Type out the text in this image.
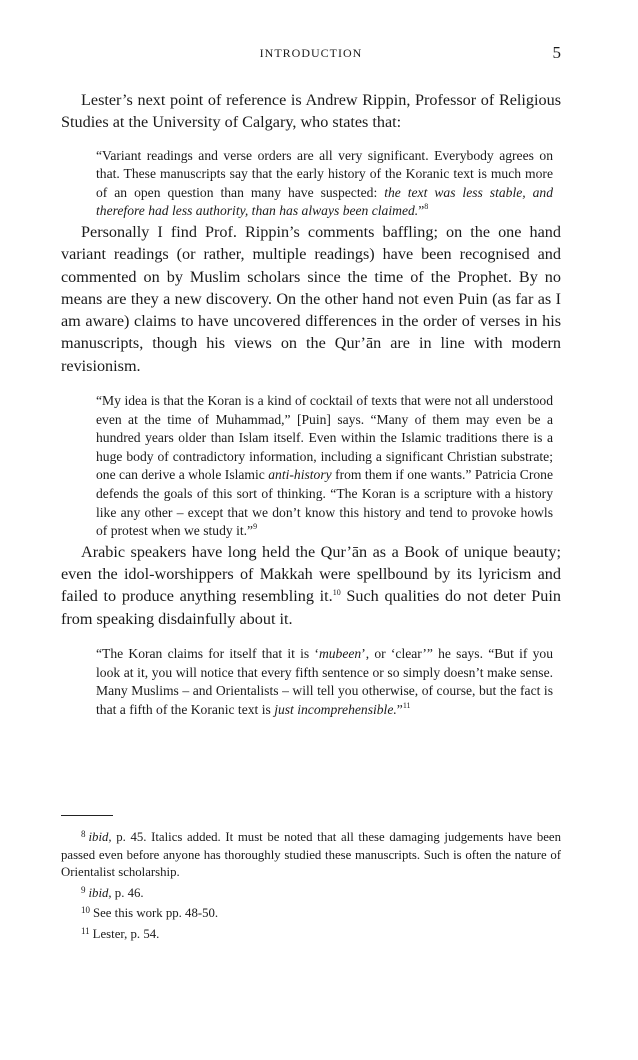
INTRODUCTION	5

Lester’s next point of reference is Andrew Rippin, Professor of Religious Studies at the University of Calgary, who states that:

“Variant readings and verse orders are all very significant. Everybody agrees on that. These manuscripts say that the early history of the Koranic text is much more of an open question than many have suspected: the text was less stable, and therefore had less authority, than has always been claimed.”$^8$

Personally I find Prof. Rippin’s comments baffling; on the one hand variant readings (or rather, multiple readings) have been recognised and commented on by Muslim scholars since the time of the Prophet. By no means are they a new discovery. On the other hand not even Puin (as far as I am aware) claims to have uncovered differences in the order of verses in his manuscripts, though his views on the Qur’ān are in line with modern revisionism.

“My idea is that the Koran is a kind of cocktail of texts that were not all understood even at the time of Muhammad,” [Puin] says. “Many of them may even be a hundred years older than Islam itself. Even within the Islamic traditions there is a huge body of contradictory information, including a significant Christian substrate; one can derive a whole Islamic anti-history from them if one wants.” Patricia Crone defends the goals of this sort of thinking. “The Koran is a scripture with a history like any other – except that we don’t know this history and tend to provoke howls of protest when we study it.”$^9$

Arabic speakers have long held the Qur’ān as a Book of unique beauty; even the idol-worshippers of Makkah were spellbound by its lyricism and failed to produce anything resembling it.$^{10}$ Such qualities do not deter Puin from speaking disdainfully about it.

“The Koran claims for itself that it is ‘mubeen’, or ‘clear’” he says. “But if you look at it, you will notice that every fifth sentence or so simply doesn’t make sense. Many Muslims – and Orientalists – will tell you otherwise, of course, but the fact is that a fifth of the Koranic text is just incomprehensible.”$^{11}$

$^8$ ibid, p. 45. Italics added. It must be noted that all these damaging judgements have been passed even before anyone has thoroughly studied these manuscripts. Such is often the nature of Orientalist scholarship.

$^9$ ibid, p. 46.

$^{10}$ See this work pp. 48-50.

$^{11}$ Lester, p. 54.
